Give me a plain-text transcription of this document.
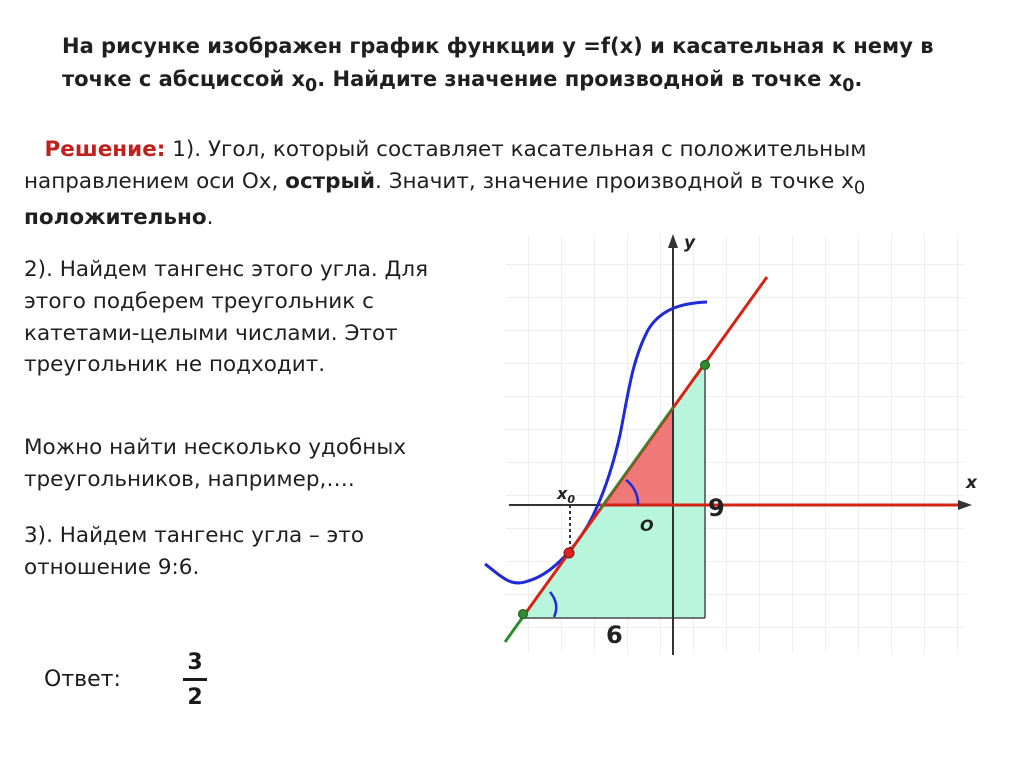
На рисунке изображен график функции y =f(x) и касательная к нему в
точке с абсциссой $x_0$. Найдите значение производной в точке $x_0$.
Решение: 1). Угол, который составляет касательная с положительным направлением оси Ox, острый. Значит, значение производной в точке $x_0$
положительно.
2). Найдем тангенс этого угла. Для этого подберем треугольник с катетами-целыми числами. Этот треугольник не подходит.
Можно найти несколько удобных треугольников, например,….
3). Найдем тангенс угла – это отношение 9:6.
Ответ:
3
2
y
x
O
$x_0$	9
6
